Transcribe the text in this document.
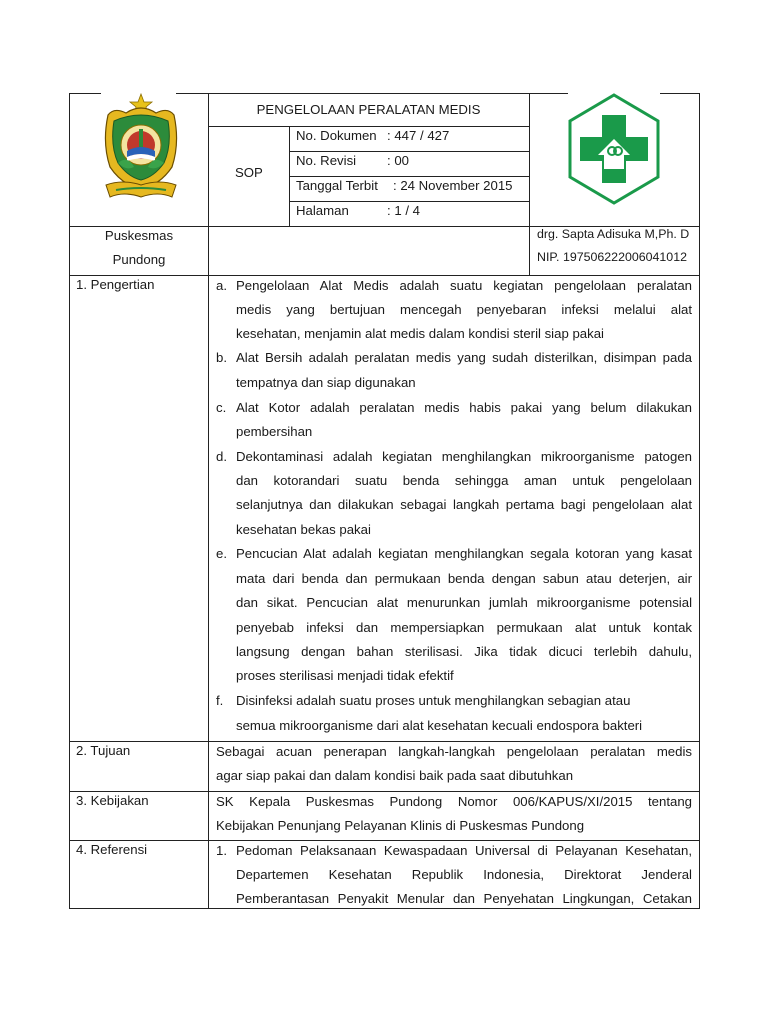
PENGELOLAAN PERALATAN MEDIS
SOP
No. Dokumen : 447 / 427
No. Revisi : 00
Tanggal Terbit : 24 November 2015
Halaman	: 1 / 4
Puskesmas
Pundong
drg. Sapta Adisuka M,Ph. D
NIP. 197506222006041012
1. Pengertian	a. Pengelolaan Alat Medis adalah suatu kegiatan pengelolaan peralatan
medis yang bertujuan mencegah penyebaran infeksi melalui alat
kesehatan, menjamin alat medis dalam kondisi steril siap pakai
b. Alat Bersih adalah peralatan medis yang sudah disterilkan, disimpan pada
tempatnya dan siap digunakan
c. Alat Kotor adalah peralatan medis habis pakai yang belum dilakukan
pembersihan
d. Dekontaminasi adalah kegiatan menghilangkan mikroorganisme patogen
dan kotorandari suatu benda sehingga aman untuk pengelolaan
selanjutnya dan dilakukan sebagai langkah pertama bagi pengelolaan alat
kesehatan bekas pakai
e. Pencucian Alat adalah kegiatan menghilangkan segala kotoran yang kasat
mata dari benda dan permukaan benda dengan sabun atau deterjen, air
dan sikat. Pencucian alat menurunkan jumlah mikroorganisme potensial
penyebab infeksi dan mempersiapkan permukaan alat untuk kontak
langsung dengan bahan sterilisasi. Jika tidak dicuci terlebih dahulu,
proses sterilisasi menjadi tidak efektif
f. Disinfeksi adalah suatu proses untuk menghilangkan sebagian atau
semua mikroorganisme dari alat kesehatan kecuali endospora bakteri
2. Tujuan	Sebagai acuan penerapan langkah-langkah pengelolaan peralatan medis
agar siap pakai dan dalam kondisi baik pada saat dibutuhkan
3. Kebijakan	SK Kepala Puskesmas Pundong Nomor 006/KAPUS/XI/2015 tentang
Kebijakan Penunjang Pelayanan Klinis di Puskesmas Pundong
4. Referensi	1. Pedoman Pelaksanaan Kewaspadaan Universal di Pelayanan Kesehatan,
Departemen Kesehatan Republik Indonesia, Direktorat Jenderal
Pemberantasan Penyakit Menular dan Penyehatan Lingkungan, Cetakan
